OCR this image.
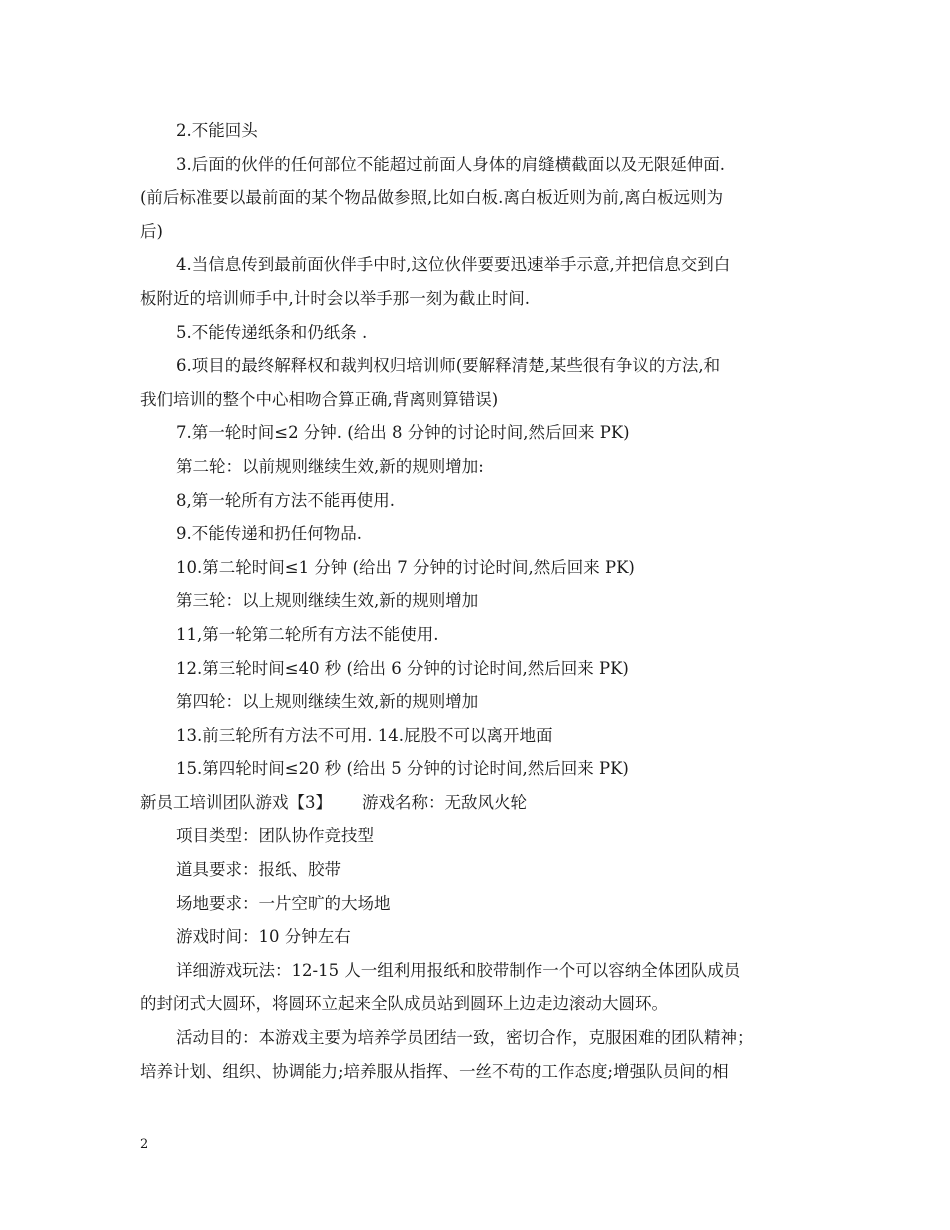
2.不能回头

3.后面的伙伴的任何部位不能超过前面人身体的肩缝横截面以及无限延伸面.

(前后标准要以最前面的某个物品做参照,比如白板.离白板近则为前,离白板远则为

后)

4.当信息传到最前面伙伴手中时,这位伙伴要要迅速举手示意,并把信息交到白

板附近的培训师手中,计时会以举手那一刻为截止时间.

5.不能传递纸条和仍纸条 .

6.项目的最终解释权和裁判权归培训师(要解释清楚,某些很有争议的方法,和

我们培训的整个中心相吻合算正确,背离则算错误)

7.第一轮时间≤2 分钟. (给出 8 分钟的讨论时间,然后回来 PK)

第二轮：以前规则继续生效,新的规则增加:

8,第一轮所有方法不能再使用.

9.不能传递和扔任何物品.

10.第二轮时间≤1 分钟 (给出 7 分钟的讨论时间,然后回来 PK)

第三轮：以上规则继续生效,新的规则增加

11,第一轮第二轮所有方法不能使用.

12.第三轮时间≤40 秒 (给出 6 分钟的讨论时间,然后回来 PK)

第四轮：以上规则继续生效,新的规则增加

13.前三轮所有方法不可用. 14.屁股不可以离开地面

15.第四轮时间≤20 秒 (给出 5 分钟的讨论时间,然后回来 PK)

新员工培训团队游戏【3】　　 游戏名称：无敌风火轮

项目类型：团队协作竞技型

道具要求：报纸、胶带

场地要求：一片空旷的大场地

游戏时间：10 分钟左右

详细游戏玩法：12-15 人一组利用报纸和胶带制作一个可以容纳全体团队成员

的封闭式大圆环，将圆环立起来全队成员站到圆环上边走边滚动大圆环。

活动目的：本游戏主要为培养学员团结一致，密切合作，克服困难的团队精神；

培养计划、组织、协调能力;培养服从指挥、一丝不苟的工作态度;增强队员间的相

2
